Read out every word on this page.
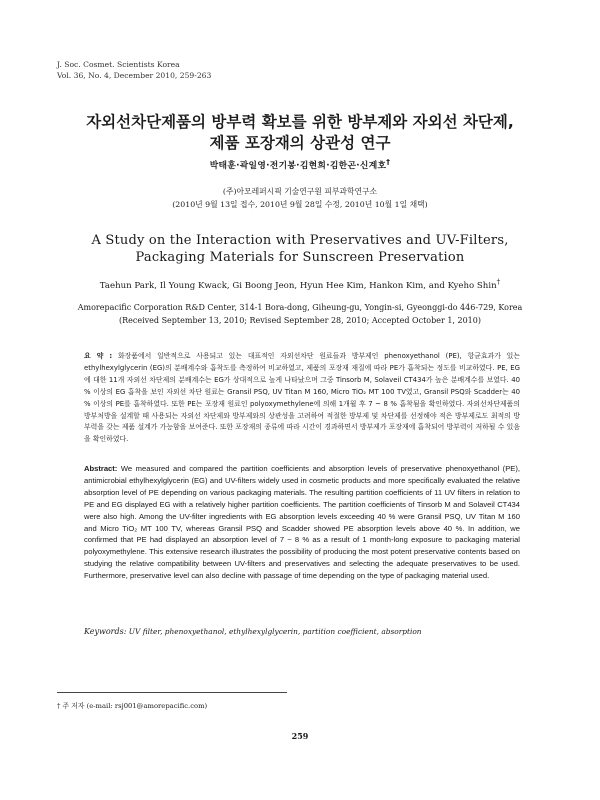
J. Soc. Cosmet. Scientists Korea
Vol. 36, No. 4, December 2010, 259-263
자외선차단제품의 방부력 확보를 위한 방부제와 자외선 차단제,
제품 포장재의 상관성 연구
박태훈·곽일영·전기봉·김현희·김한곤·신계호†
(주)아모레퍼시픽 기술연구원 피부과학연구소
(2010년 9월 13일 접수, 2010년 9월 28일 수정, 2010년 10월 1일 채택)
A Study on the Interaction with Preservatives and UV-Filters,
Packaging Materials for Sunscreen Preservation
Taehun Park, Il Young Kwack, Gi Boong Jeon, Hyun Hee Kim, Hankon Kim, and Kyeho Shin†
Amorepacific Corporation R&D Center, 314-1 Bora-dong, Giheung-gu, Yongin-si, Gyeonggi-do 446-729, Korea
(Received September 13, 2010; Revised September 28, 2010; Accepted October 1, 2010)
요 약 : 화장품에서 일반적으로 사용되고 있는 대표적인 자외선차단 원료들과 방부제인 phenoxyethanol (PE), 항균효과가 있는 ethylhexylglycerin (EG)의 분배계수와 흡착도를 측정하여 비교하였고, 제품의 포장재 재질에 따라 PE가 흡착되는 정도를 비교하였다. PE, EG에 대한 11개 자외선 차단제의 분배계수는 EG가 상대적으로 높게 나타났으며 그중 Tinsorb M, Solaveil CT434가 높은 분배계수를 보였다. 40 % 이상의 EG 흡착을 보인 자외선 차단 원료는 Gransil PSQ, UV Titan M 160, Micro TiO₂ MT 100 TV였고, Gransil PSQ와 Scadder는 40 % 이상의 PE를 흡착하였다. 또한 PE는 포장재 원료인 polyoxymethylene에 의해 1개월 후 7 ~ 8 % 흡착됨을 확인하였다. 자외선차단제품의 방부처방을 설계할 때 사용되는 자외선 차단제와 방부제와의 상관성을 고려하여 적절한 방부제 및 차단제를 선정해야 적은 방부제로도 최적의 방부력을 갖는 제품 설계가 가능함을 보여준다. 또한 포장재의 종류에 따라 시간이 경과하면서 방부제가 포장재에 흡착되어 방부력이 저하될 수 있음을 확인하였다.
Abstract: We measured and compared the partition coefficients and absorption levels of preservative phenoxyethanol (PE), antimicrobial ethylhexylglycerin (EG) and UV-filters widely used in cosmetic products and more specifically evaluated the relative absorption level of PE depending on various packaging materials. The resulting partition coefficients of 11 UV filters in relation to PE and EG displayed EG with a relatively higher partition coefficients. The partition coefficients of Tinsorb M and Solaveil CT434 were also high. Among the UV-filter ingredients with EG absorption levels exceeding 40 % were Gransil PSQ, UV Titan M 160 and Micro TiO₂ MT 100 TV, whereas Gransil PSQ and Scadder showed PE absorption levels above 40 %. In addition, we confirmed that PE had displayed an absorption level of 7 ~ 8 % as a result of 1 month-long exposure to packaging material polyoxymethylene. This extensive research illustrates the possibility of producing the most potent preservative contents based on studying the relative compatibility between UV-filters and preservatives and selecting the adequate preservatives to be used. Furthermore, preservative level can also decline with passage of time depending on the type of packaging material used.
Keywords: UV filter, phenoxyethanol, ethylhexylglycerin, partition coefficient, absorption
† 주 저자 (e-mail: rsj001@amorepacific.com)
259
